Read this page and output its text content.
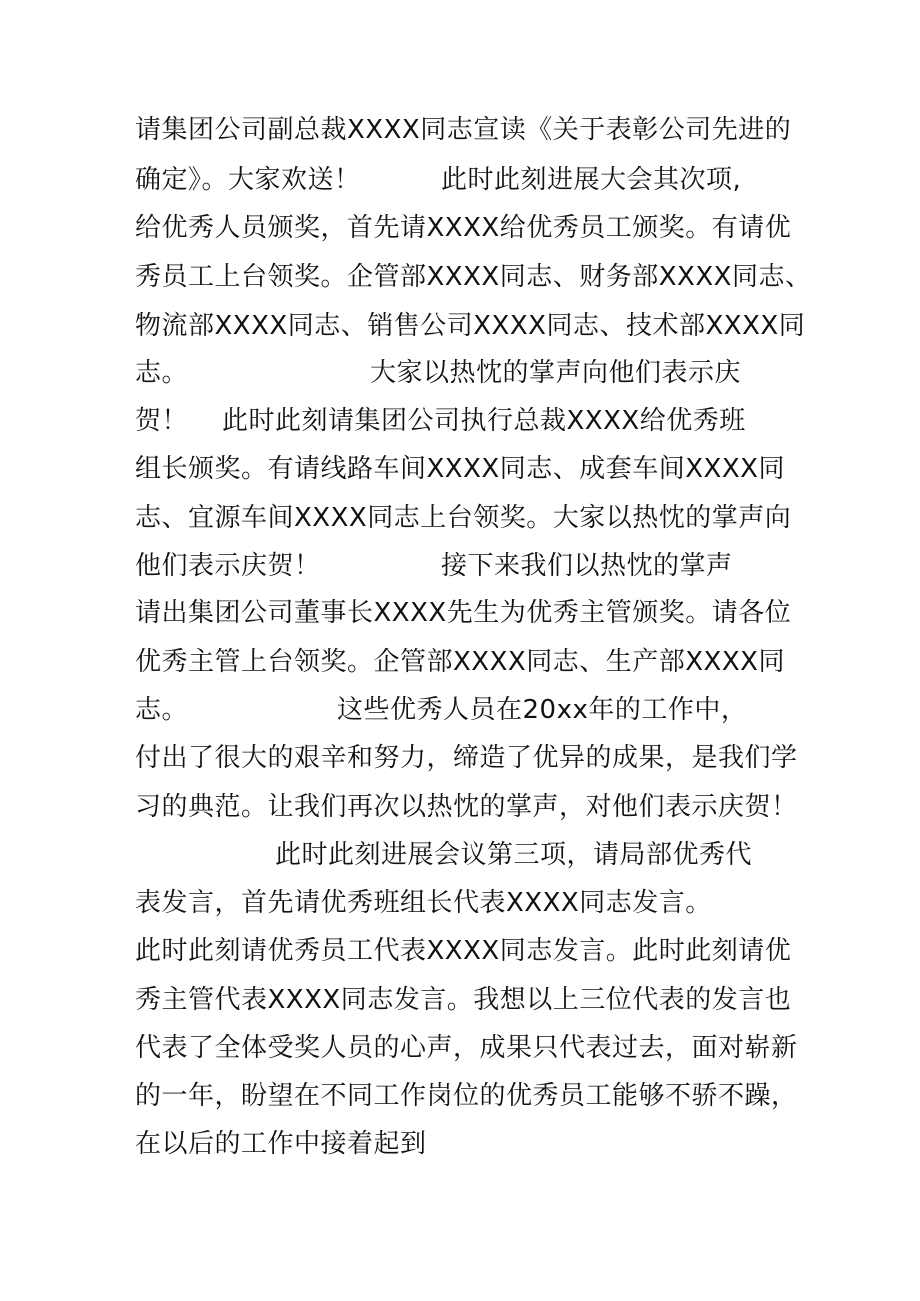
请集团公司副总裁XXXX同志宣读《关于表彰公司先进的
确定》。大家欢送！	此时此刻进展大会其次项,
给优秀人员颁奖，首先请XXXX给优秀员工颁奖。有请优
秀员工上台领奖。企管部XXXX同志、财务部XXXX同志、
物流部XXXX同志、销售公司XXXX同志、技术部XXXX同
志。	大家以热忱的掌声向他们表示庆
贺！ 此时此刻请集团公司执行总裁XXXX给优秀班
组长颁奖。有请线路车间XXXX同志、成套车间XXXX同
志、宜源车间XXXX同志上台领奖。大家以热忱的掌声向
他们表示庆贺！	接下来我们以热忱的掌声
请出集团公司董事长XXXX先生为优秀主管颁奖。请各位
优秀主管上台领奖。企管部XXXX同志、生产部XXXX同
志。	这些优秀人员在20xx年的工作中，
付出了很大的艰辛和努力，缔造了优异的成果，是我们学
习的典范。让我们再次以热忱的掌声，对他们表示庆贺！
此时此刻进展会议第三项，请局部优秀代
表发言，首先请优秀班组长代表XXXX同志发言。
此时此刻请优秀员工代表XXXX同志发言。此时此刻请优
秀主管代表XXXX同志发言。我想以上三位代表的发言也
代表了全体受奖人员的心声，成果只代表过去，面对崭新
的一年，盼望在不同工作岗位的优秀员工能够不骄不躁，
在以后的工作中接着起到
